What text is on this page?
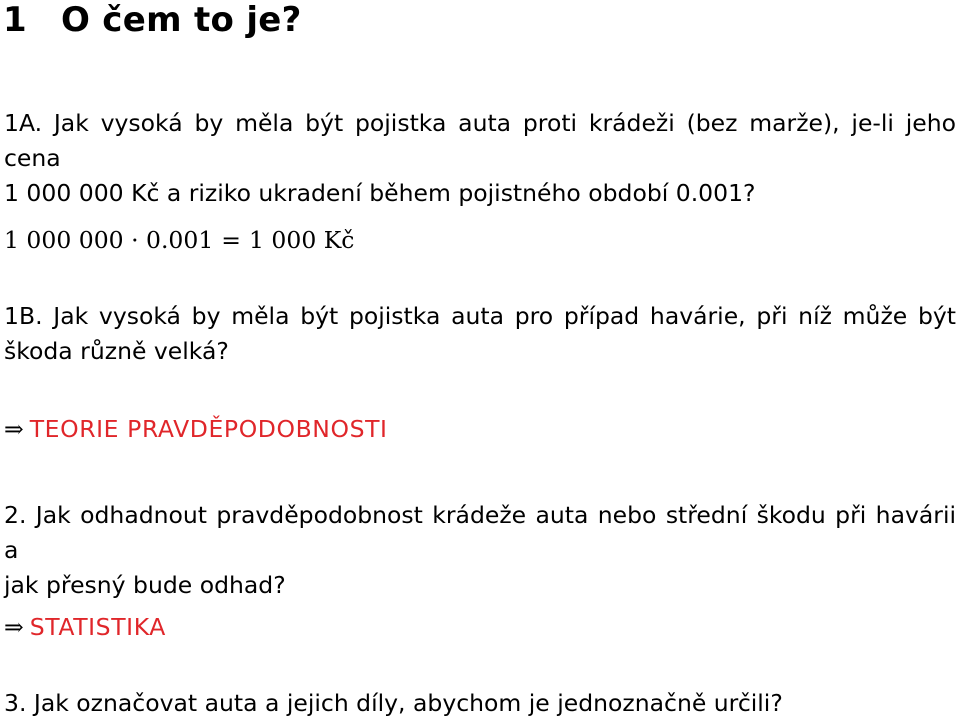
1 O čem to je?
1A. Jak vysoká by měla být pojistka auta proti krádeži (bez marže), je-li jeho cena
1 000 000 Kč a riziko ukradení během pojistného období 0.001?
1 000 000 · 0.001 = 1 000 Kč
1B. Jak vysoká by měla být pojistka auta pro případ havárie, při níž může být
škoda různě velká?
⇒ TEORIE PRAVDĚPODOBNOSTI
2. Jak odhadnout pravděpodobnost krádeže auta nebo střední škodu při havárii a
jak přesný bude odhad?
⇒ STATISTIKA
3. Jak označovat auta a jejich díly, abychom je jednoznačně určili?
